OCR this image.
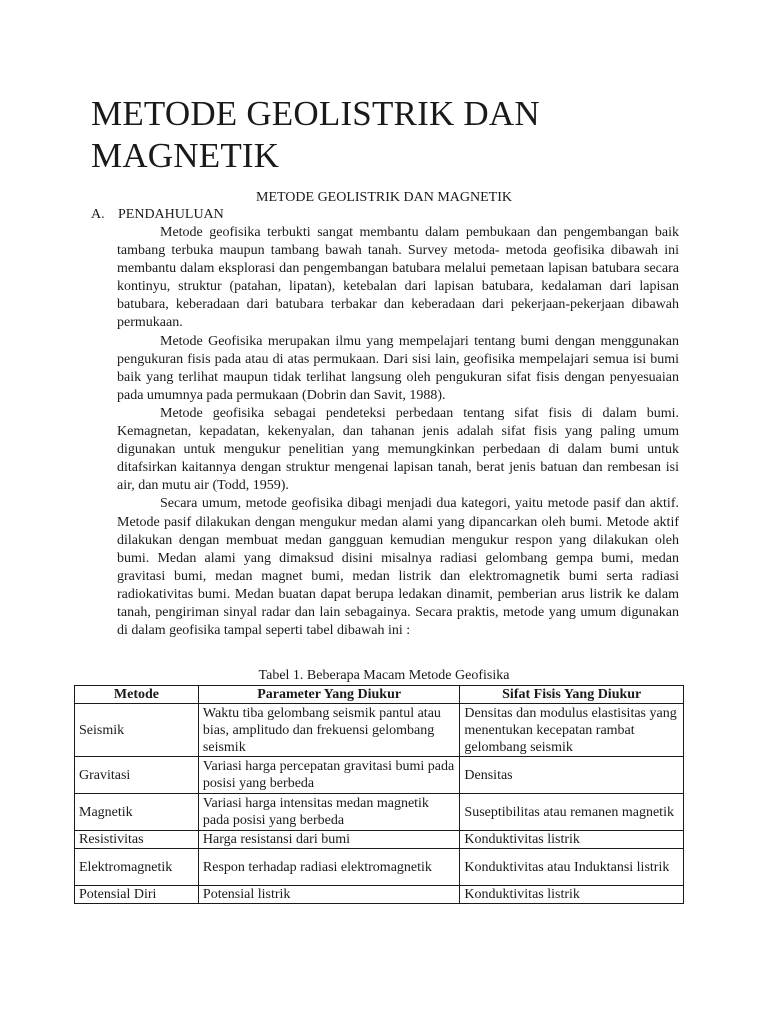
METODE GEOLISTRIK DAN MAGNETIK
METODE GEOLISTRIK DAN MAGNETIK
A. PENDAHULUAN

Metode geofisika terbukti sangat membantu dalam pembukaan dan pengembangan baik tambang terbuka maupun tambang bawah tanah. Survey metoda- metoda geofisika dibawah ini membantu dalam eksplorasi dan pengembangan batubara melalui pemetaan lapisan batubara secara kontinyu, struktur (patahan, lipatan), ketebalan dari lapisan batubara, kedalaman dari lapisan batubara, keberadaan dari batubara terbakar dan keberadaan dari pekerjaan-pekerjaan dibawah permukaan.

Metode Geofisika merupakan ilmu yang mempelajari tentang bumi dengan menggunakan pengukuran fisis pada atau di atas permukaan. Dari sisi lain, geofisika mempelajari semua isi bumi baik yang terlihat maupun tidak terlihat langsung oleh pengukuran sifat fisis dengan penyesuaian pada umumnya pada permukaan (Dobrin dan Savit, 1988).

Metode geofisika sebagai pendeteksi perbedaan tentang sifat fisis di dalam bumi. Kemagnetan, kepadatan, kekenyalan, dan tahanan jenis adalah sifat fisis yang paling umum digunakan untuk mengukur penelitian yang memungkinkan perbedaan di dalam bumi untuk ditafsirkan kaitannya dengan struktur mengenai lapisan tanah, berat jenis batuan dan rembesan isi air, dan mutu air (Todd, 1959).

Secara umum, metode geofisika dibagi menjadi dua kategori, yaitu metode pasif dan aktif. Metode pasif dilakukan dengan mengukur medan alami yang dipancarkan oleh bumi. Metode aktif dilakukan dengan membuat medan gangguan kemudian mengukur respon yang dilakukan oleh bumi. Medan alami yang dimaksud disini misalnya radiasi gelombang gempa bumi, medan gravitasi bumi, medan magnet bumi, medan listrik dan elektromagnetik bumi serta radiasi radiokativitas bumi. Medan buatan dapat berupa ledakan dinamit, pemberian arus listrik ke dalam tanah, pengiriman sinyal radar dan lain sebagainya. Secara praktis, metode yang umum digunakan di dalam geofisika tampal seperti tabel dibawah ini :

Tabel 1. Beberapa Macam Metode Geofisika
Metode	Parameter Yang Diukur	Sifat Fisis Yang Diukur
Seismik	Waktu tiba gelombang seismik pantul atau bias, amplitudo dan frekuensi gelombang seismik	Densitas dan modulus elastisitas yang menentukan kecepatan rambat gelombang seismik
Gravitasi	Variasi harga percepatan gravitasi bumi pada posisi yang berbeda	Densitas
Magnetik	Variasi harga intensitas medan magnetik pada posisi yang berbeda	Suseptibilitas atau remanen magnetik
Resistivitas	Harga resistansi dari bumi	Konduktivitas listrik
Elektromagnetik	Respon terhadap radiasi elektromagnetik	Konduktivitas atau Induktansi listrik
Potensial Diri	Potensial listrik	Konduktivitas listrik
